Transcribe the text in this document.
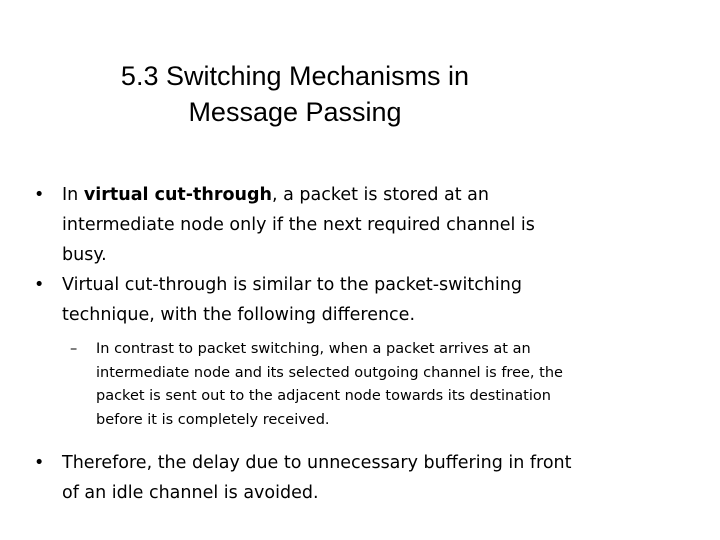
5.3 Switching Mechanisms in
Message Passing
• In virtual cut-through, a packet is stored at an
intermediate node only if the next required channel is
busy.
• Virtual cut-through is similar to the packet-switching
technique, with the following difference.
– In contrast to packet switching, when a packet arrives at an
intermediate node and its selected outgoing channel is free, the
packet is sent out to the adjacent node towards its destination
before it is completely received.
• Therefore, the delay due to unnecessary buffering in front
of an idle channel is avoided.
